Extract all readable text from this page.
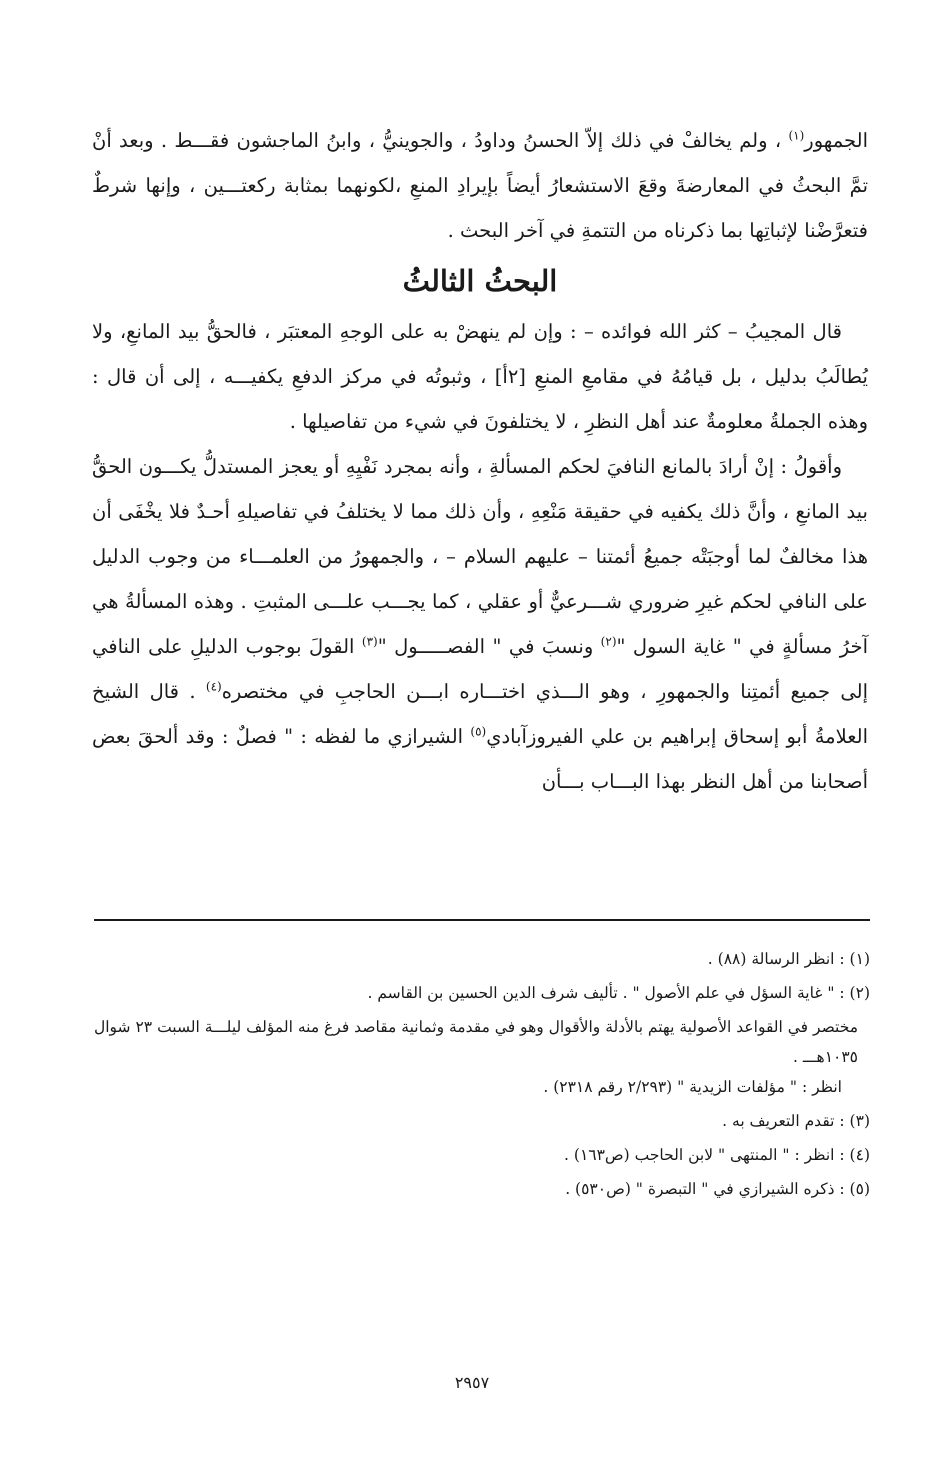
الجمهور$^{(١)}$ ، ولم يخالفْ في ذلك إلاّ الحسنُ وداودُ ، والجوينيُّ ، وابنُ الماجشون فقـــط . وبعد أنْ تمَّ البحثُ في المعارضةَ وقعَ الاستشعارُ أيضاً بإيرادِ المنعِ ،لكونهما بمثابة ركعتـــين ، وإنها شرطٌ فتعرَّضْنا لإثباتِها بما ذكرناه من التتمةِ في آخر البحث .

البحثُ الثالثُ

قال المجيبُ – كثر الله فوائده – : وإن لم ينهضْ به على الوجهِ المعتبَر ، فالحقُّ بيد المانعِ، ولا يُطالَبُ بدليل ، بل قيامُهُ في مقامعِ المنعِ [٢أ] ، وثبوتُه في مركز الدفعِ يكفيـــه ، إلى أن قال : وهذه الجملةُ معلومةٌ عند أهل النظرِ ، لا يختلفونَ في شيء من تفاصيلها .

وأقولُ : إنْ أرادَ بالمانع النافيَ لحكم المسألةِ ، وأنه بمجرد نَفْيِهِ أو يعجز المستدلُّ يكـــون الحقُّ بيد المانعِ ، وأنَّ ذلك يكفيه في حقيقة مَنْعِهِ ، وأن ذلك مما لا يختلفُ في تفاصيلهِ أحـدٌ فلا يخْفَى أن هذا مخالفٌ لما أوجبَتْه جميعُ أئمتنا – عليهم السلام – ، والجمهورُ من العلمـــاء من وجوب الدليل على النافي لحكم غيرِ ضروري شـــرعيٌّ أو عقلي ، كما يجـــب علـــى المثبتِ . وهذه المسألةُ هي آخرُ مسألةٍ في " غاية السول "$^{(٢)}$ ونسبَ في " الفصـــــول "$^{(٣)}$ القولَ بوجوب الدليلِ على النافي إلى جميع أئمتِنا والجمهورِ ، وهو الـــذي اختـــاره ابـــن الحاجبِ في مختصره$^{(٤)}$ . قال الشيخ العلامةُ أبو إسحاق إبراهيم بن علي الفيروزآبادي$^{(٥)}$ الشيرازي ما لفظه : " فصلٌ : وقد ألحقَ بعض أصحابنا من أهل النظر بهذا البـــاب بـــأن

(١) : انظر الرسالة (٨٨) .

(٢) : " غاية السؤل في علم الأصول " . تأليف شرف الدين الحسين بن القاسم .

مختصر في القواعد الأصولية يهتم بالأدلة والأقوال وهو في مقدمة وثمانية مقاصد فرغ منه المؤلف ليلـــة السبت ٢٣ شوال ١٠٣٥هـــ .

انظر : " مؤلفات الزيدية " (٢/٢٩٣ رقم ٢٣١٨) .

(٣) : تقدم التعريف به .

(٤) : انظر : " المنتهى " لابن الحاجب (ص١٦٣) .

(٥) : ذكره الشيرازي في " التبصرة " (ص٥٣٠) .

٢٩٥٧
